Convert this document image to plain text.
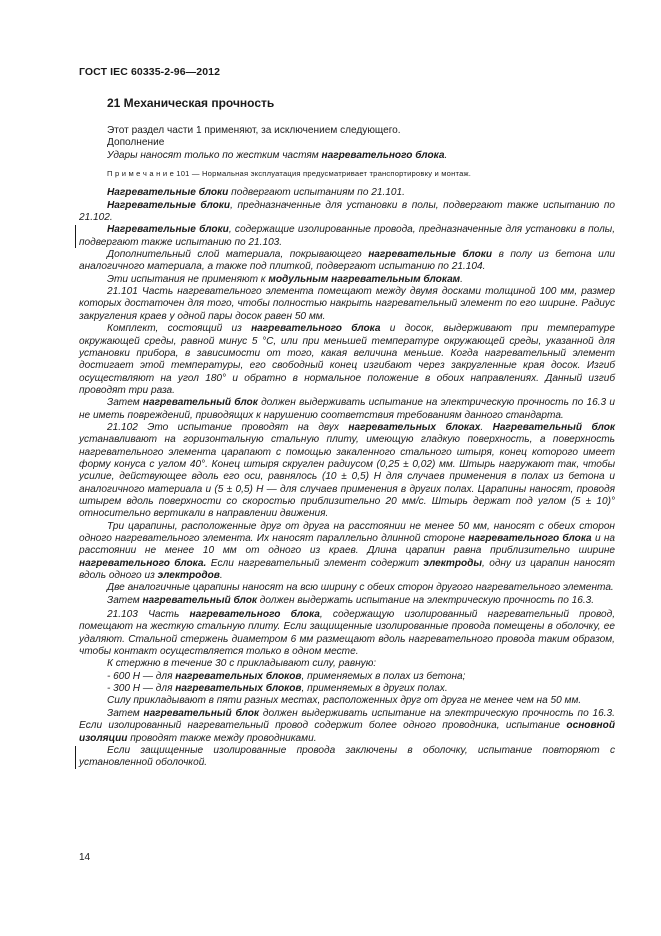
ГОСТ IEC 60335-2-96—2012
21 Механическая прочность

Этот раздел части 1 применяют, за исключением следующего.

Дополнение

Удары наносят только по жестким частям нагревательного блока.

П р и м е ч а н и е 101 — Нормальная эксплуатация предусматривает транспортировку и монтаж.

Нагревательные блоки подвергают испытаниям по 21.101.

Нагревательные блоки, предназначенные для установки в полы, подвергают также испытанию по 21.102.

Нагревательные блоки, содержащие изолированные провода, предназначенные для установки в полы, подвергают также испытанию по 21.103.

Дополнительный слой материала, покрывающего нагревательные блоки в полу из бетона или аналогичного материала, а также под плиткой, подвергают испытанию по 21.104.

Эти испытания не применяют к модульным нагревательным блокам.

21.101 Часть нагревательного элемента помещают между двумя досками толщиной 100 мм, размер которых достаточен для того, чтобы полностью накрыть нагревательный элемент по его ширине. Радиус закругления краев у одной пары досок равен 50 мм.

Комплект, состоящий из нагревательного блока и досок, выдерживают при температуре окружающей среды, равной минус 5 °С, или при меньшей температуре окружающей среды, указанной для установки прибора, в зависимости от того, какая величина меньше. Когда нагревательный элемент достигает этой температуры, его свободный конец изгибают через закругленные края досок. Изгиб осуществляют на угол 180° и обратно в нормальное положение в обоих направлениях. Данный изгиб проводят три раза.

Затем нагревательный блок должен выдерживать испытание на электрическую прочность по 16.3 и не иметь повреждений, приводящих к нарушению соответствия требованиям данного стандарта.

21.102 Это испытание проводят на двух нагревательных блоках. Нагревательный блок устанавливают на горизонтальную стальную плиту, имеющую гладкую поверхность, а поверхность нагревательного элемента царапают с помощью закаленного стального штыря, конец которого имеет форму конуса с углом 40°. Конец штыря скруглен радиусом (0,25 ± 0,02) мм. Штырь нагружают так, чтобы усилие, действующее вдоль его оси, равнялось (10 ± 0,5) Н для случаев применения в полах из бетона и аналогичного материала и (5 ± 0,5) Н — для случаев применения в других полах. Царапины наносят, проводя штырем вдоль поверхности со скоростью приблизительно 20 мм/с. Штырь держат под углом (5 ± 10)° относительно вертикали в направлении движения.

Три царапины, расположенные друг от друга на расстоянии не менее 50 мм, наносят с обеих сторон одного нагревательного элемента. Их наносят параллельно длинной стороне нагревательного блока и на расстоянии не менее 10 мм от одного из краев. Длина царапин равна приблизительно ширине нагревательного блока. Если нагревательный элемент содержит электроды, одну из царапин наносят вдоль одного из электродов.

Две аналогичные царапины наносят на всю ширину с обеих сторон другого нагревательного элемента.

Затем нагревательный блок должен выдержать испытание на электрическую прочность по 16.3.

21.103 Часть нагревательного блока, содержащую изолированный нагревательный провод, помещают на жесткую стальную плиту. Если защищенные изолированные провода помещены в оболочку, ее удаляют. Стальной стержень диаметром 6 мм размещают вдоль нагревательного провода таким образом, чтобы контакт осуществляется только в одном месте.

К стержню в течение 30 с прикладывают силу, равную:

- 600 Н — для нагревательных блоков, применяемых в полах из бетона;

- 300 Н — для нагревательных блоков, применяемых в других полах.

Силу прикладывают в пяти разных местах, расположенных друг от друга не менее чем на 50 мм.

Затем нагревательный блок должен выдерживать испытание на электрическую прочность по 16.3. Если изолированный нагревательный провод содержит более одного проводника, испытание основной изоляции проводят также между проводниками.

Если защищенные изолированные провода заключены в оболочку, испытание повторяют с установленной оболочкой.

14
